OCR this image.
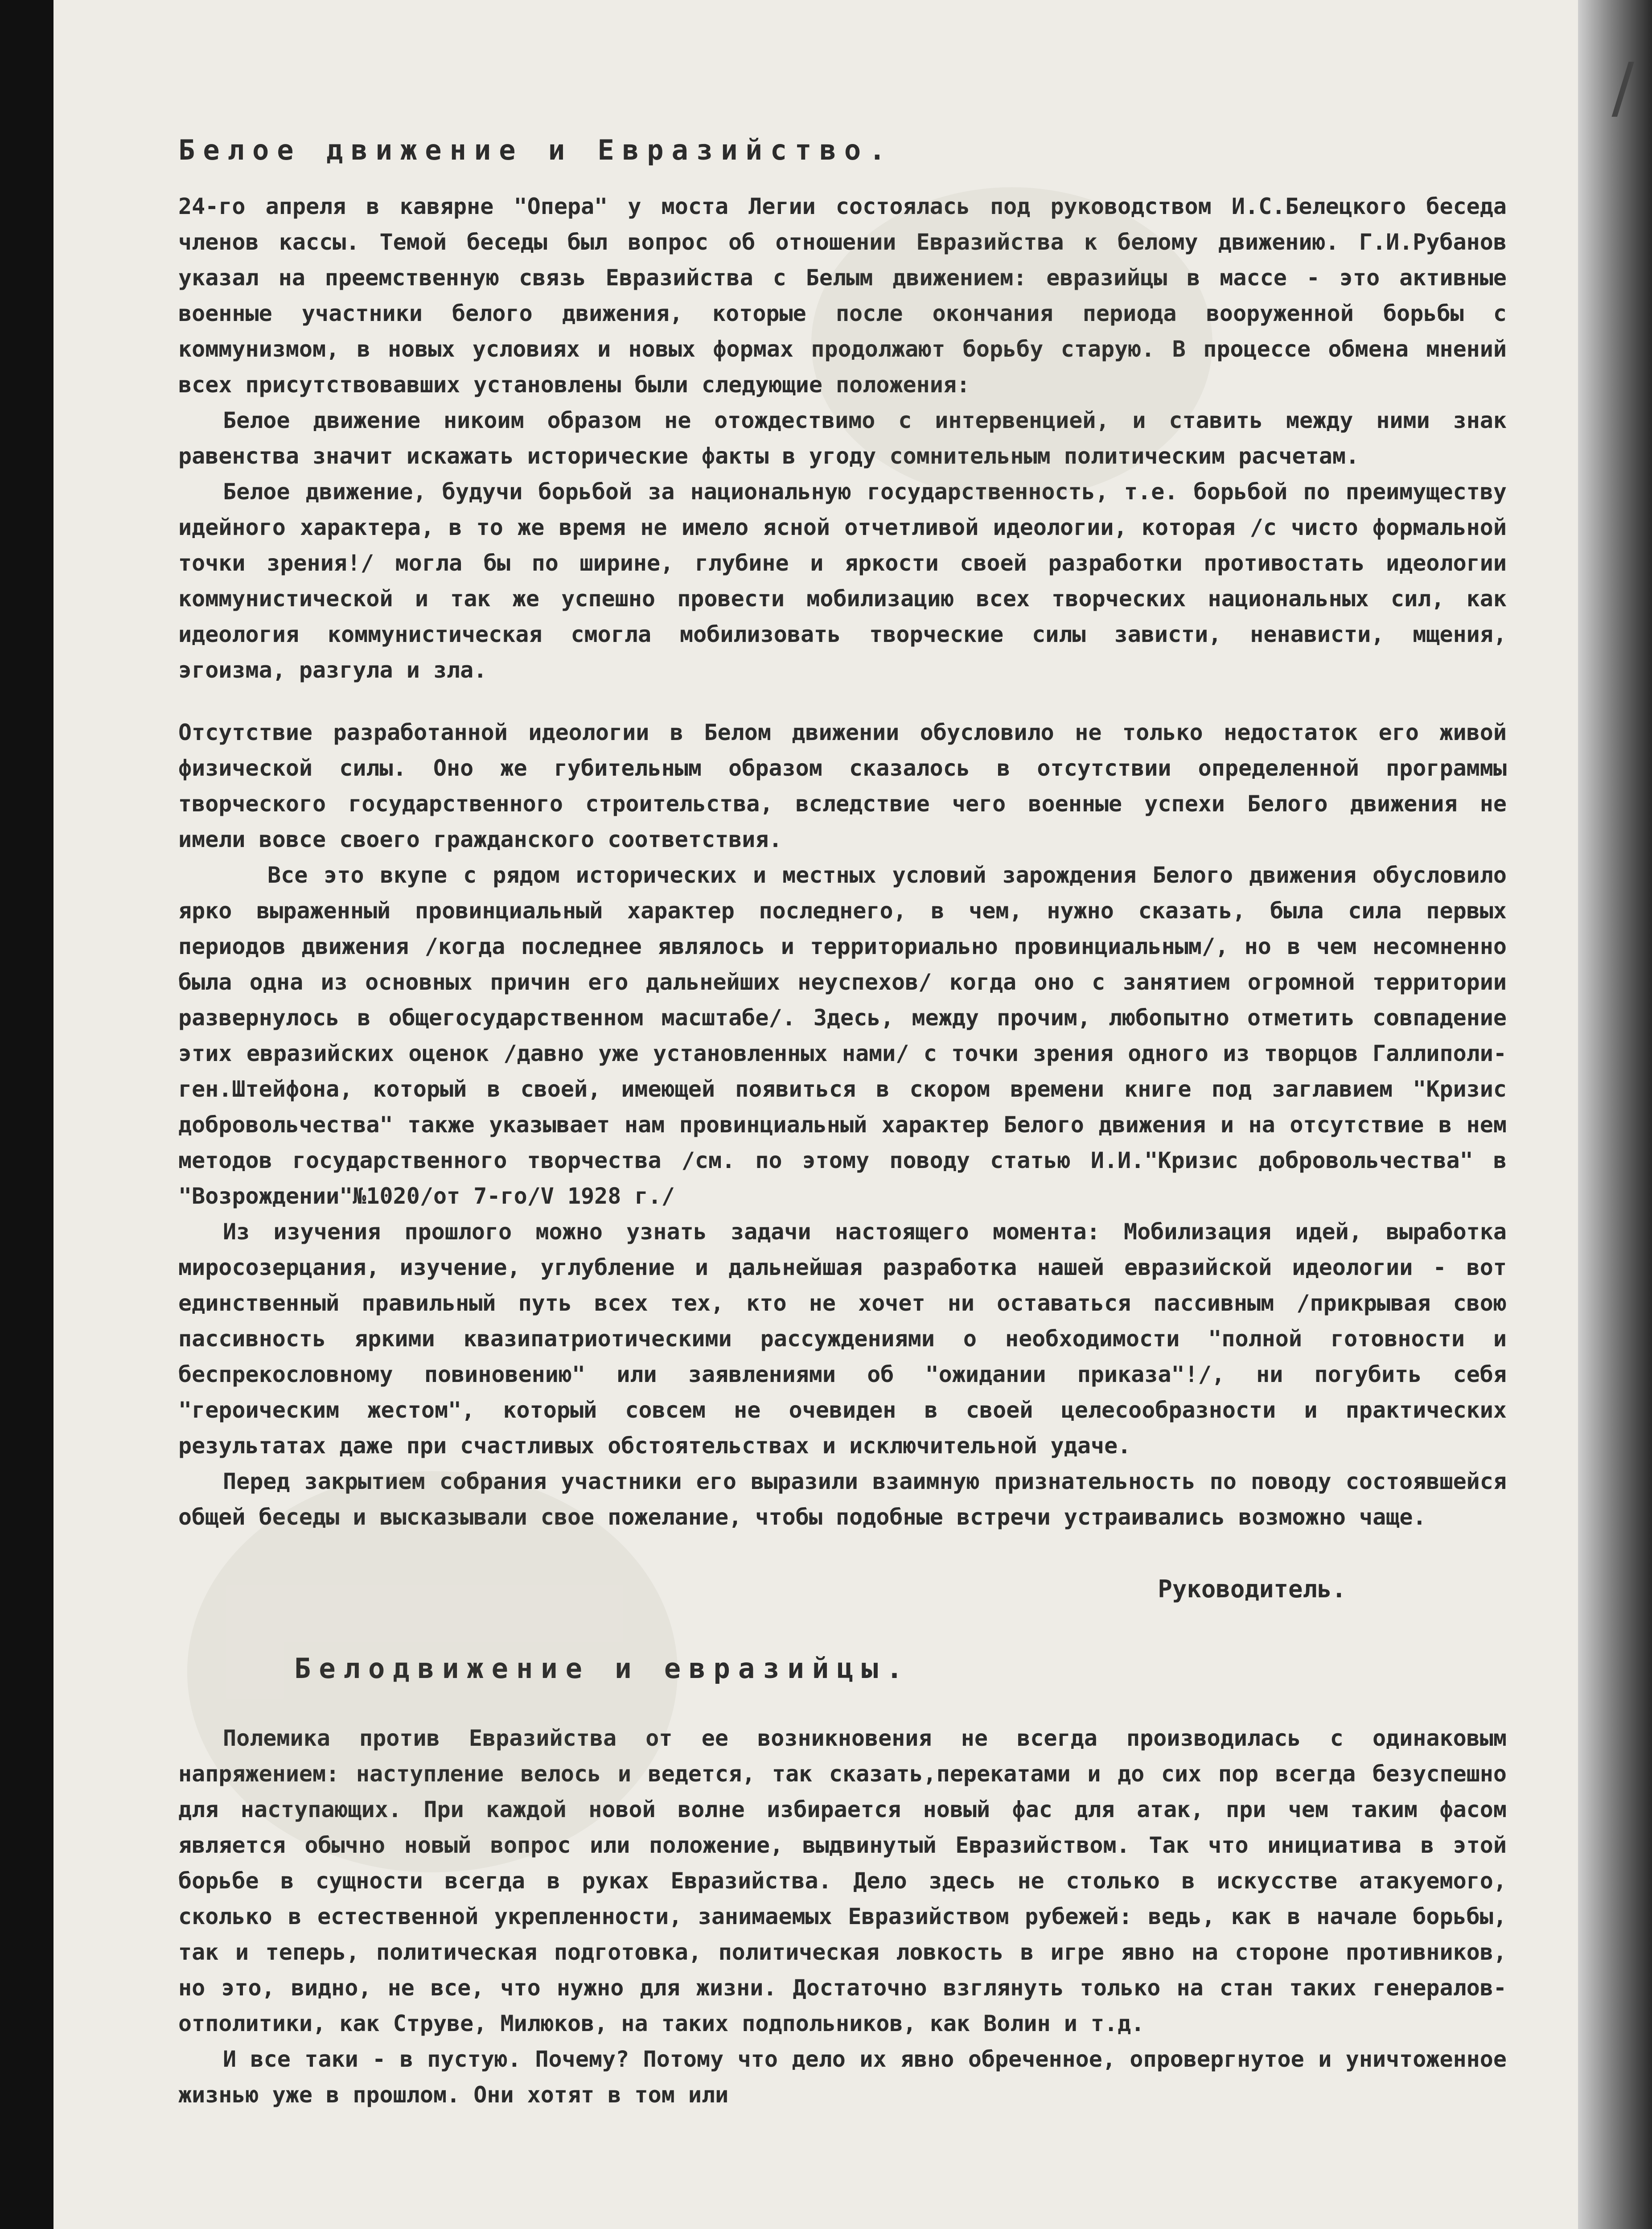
Белое движение и Евразийство.

24-го апреля в кавярне "Опера" у моста Легии состоялась под руководством И.С.Белецкого беседа членов кассы. Темой беседы был вопрос об отношении Евразийства к белому движению. Г.И.Рубанов указал на преемственную связь Евразийства с Белым движением: евразийцы в массе - это активные военные участники белого движения, которые после окончания периода вооруженной борьбы с коммунизмом, в новых условиях и новых формах продолжают борьбу старую. В процессе обмена мнений всех присутствовавших установлены были следующие положения:

Белое движение никоим образом не отождествимо с интервенцией, и ставить между ними знак равенства значит искажать исторические факты в угоду сомнительным политическим расчетам.

Белое движение, будучи борьбой за национальную государственность, т.е. борьбой по преимуществу идейного характера, в то же время не имело ясной отчетливой идеологии, которая /с чисто формальной точки зрения!/ могла бы по ширине, глубине и яркости своей разработки противостать идеологии коммунистической и так же успешно провести мобилизацию всех творческих национальных сил, как идеология коммунистическая смогла мобилизовать творческие силы зависти, ненависти, мщения, эгоизма, разгула и зла.

Отсутствие разработанной идеологии в Белом движении обусловило не только недостаток его живой физической силы. Оно же губительным образом сказалось в отсутствии определенной программы творческого государственного строительства, вследствие чего военные успехи Белого движения не имели вовсе своего гражданского соответствия.

Все это вкупе с рядом исторических и местных условий зарождения Белого движения обусловило ярко выраженный провинциальный характер последнего, в чем, нужно сказать, была сила первых периодов движения /когда последнее являлось и территориально провинциальным/, но в чем несомненно была одна из основных причин его дальнейших неуспехов/ когда оно с занятием огромной территории развернулось в общегосударственном масштабе/. Здесь, между прочим, любопытно отметить совпадение этих евразийских оценок /давно уже установленных нами/ с точки зрения одного из творцов Галлиполи-ген.Штейфона, который в своей, имеющей появиться в скором времени книге под заглавием "Кризис добровольчества" также указывает нам провинциальный характер Белого движения и на отсутствие в нем методов государственного творчества /см. по этому поводу статью И.И."Кризис добровольчества" в "Возрождении"№1020/от 7-го/V 1928 г./

Из изучения прошлого можно узнать задачи настоящего момента: Мобилизация идей, выработка миросозерцания, изучение, углубление и дальнейшая разработка нашей евразийской идеологии - вот единственный правильный путь всех тех, кто не хочет ни оставаться пассивным /прикрывая свою пассивность яркими квазипатриотическими рассуждениями о необходимости "полной готовности и беспрекословному повиновению" или заявлениями об "ожидании приказа"!/, ни погубить себя "героическим жестом", который совсем не очевиден в своей целесообразности и практических результатах даже при счастливых обстоятельствах и исключительной удаче.

Перед закрытием собрания участники его выразили взаимную признательность по поводу состоявшейся общей беседы и высказывали свое пожелание, чтобы подобные встречи устраивались возможно чаще.

Руководитель.
Белодвижение и евразийцы.

Полемика против Евразийства от ее возникновения не всегда производилась с одинаковым напряжением: наступление велось и ведется, так сказать,перекатами и до сих пор всегда безуспешно для наступающих. При каждой новой волне избирается новый фас для атак, при чем таким фасом является обычно новый вопрос или положение, выдвинутый Евразийством. Так что инициатива в этой борьбе в сущности всегда в руках Евразийства. Дело здесь не столько в искусстве атакуемого, сколько в естественной укрепленности, занимаемых Евразийством рубежей: ведь, как в начале борьбы, так и теперь, политическая подготовка, политическая ловкость в игре явно на стороне противников, но это, видно, не все, что нужно для жизни. Достаточно взглянуть только на стан таких генералов-отполитики, как Струве, Милюков, на таких подпольников, как Волин и т.д.

И все таки - в пустую. Почему? Потому что дело их явно обреченное, опровергнутое и уничтоженное жизнью уже в прошлом. Они хотят в том или

/
